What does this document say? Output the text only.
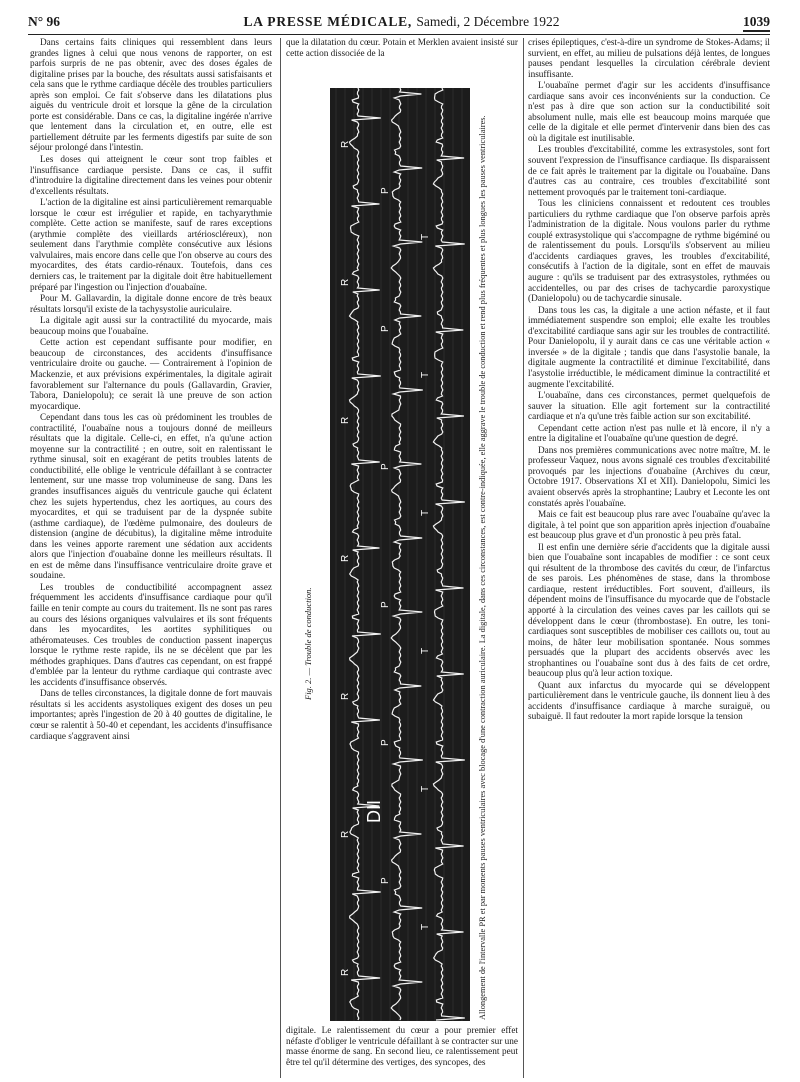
N° 96	LA PRESSE MÉDICALE, Samedi, 2 Décembre 1922	1039

Dans certains faits cliniques qui ressemblent dans leurs grandes lignes à celui que nous venons de rapporter, on est parfois surpris de ne pas obtenir, avec des doses égales de digitaline prises par la bouche, des résultats aussi satisfaisants et cela sans que le rythme cardiaque décèle des troubles particuliers après son emploi. Ce fait s'observe dans les dilatations plus aiguës du ventricule droit et lorsque la gêne de la circulation porte est considérable. Dans ce cas, la digitaline ingérée n'arrive que lentement dans la circulation et, en outre, elle est partiellement détruite par les ferments digestifs par suite de son séjour prolongé dans l'intestin.

Les doses qui atteignent le cœur sont trop faibles et l'insuffisance cardiaque persiste. Dans ce cas, il suffit d'introduire la digitaline directement dans les veines pour obtenir d'excellents résultats.

L'action de la digitaline est ainsi particulièrement remarquable lorsque le cœur est irrégulier et rapide, en tachyarythmie complète. Cette action se manifeste, sauf de rares exceptions (arythmie complète des vieillards artérioscléreux), non seulement dans l'arythmie complète consécutive aux lésions valvulaires, mais encore dans celle que l'on observe au cours des myocardites, des états cardio-rénaux. Toutefois, dans ces derniers cas, le traitement par la digitale doit être habituellement préparé par l'ingestion ou l'injection d'ouabaïne.

Pour M. Gallavardin, la digitale donne encore de très beaux résultats lorsqu'il existe de la tachysystolie auriculaire.

La digitale agit aussi sur la contractilité du myocarde, mais beaucoup moins que l'ouabaïne.

Cette action est cependant suffisante pour modifier, en beaucoup de circonstances, des accidents d'insuffisance ventriculaire droite ou gauche. — Contrairement à l'opinion de Mackenzie, et aux prévisions expérimentales, la digitale agirait favorablement sur l'alternance du pouls (Gallavardin, Gravier, Tabora, Danielopolu); ce serait là une preuve de son action myocardique.

Cependant dans tous les cas où prédominent les troubles de contractilité, l'ouabaïne nous a toujours donné de meilleurs résultats que la digitale. Celle-ci, en effet, n'a qu'une action moyenne sur la contractilité ; en outre, soit en ralentissant le rythme sinusal, soit en exagérant de petits troubles latents de conductibilité, elle oblige le ventricule défaillant à se contracter lentement, sur une masse trop volumineuse de sang. Dans les grandes insuffisances aiguës du ventricule gauche qui éclatent chez les sujets hypertendus, chez les aortiques, au cours des myocardites, et qui se traduisent par de la dyspnée subite (asthme cardiaque), de l'œdème pulmonaire, des douleurs de distension (angine de décubitus), la digitaline même introduite dans les veines apporte rarement une sédation aux accidents alors que l'injection d'ouabaïne donne les meilleurs résultats. Il en est de même dans l'insuffisance ventriculaire droite grave et soudaine.

Les troubles de conductibilité accompagnent assez fréquemment les accidents d'insuffisance cardiaque pour qu'il faille en tenir compte au cours du traitement. Ils ne sont pas rares au cours des lésions organiques valvulaires et ils sont fréquents dans les myocardites, les aortites syphilitiques ou athéromateuses. Ces troubles de conduction passent inaperçus lorsque le rythme reste rapide, ils ne se décèlent que par les méthodes graphiques. Dans d'autres cas cependant, on est frappé d'emblée par la lenteur du rythme cardiaque qui contraste avec les accidents d'insuffisance observés.

Dans de telles circonstances, la digitale donne de fort mauvais résultats si les accidents asystoliques exigent des doses un peu importantes; après l'ingestion de 20 à 40 gouttes de digitaline, le cœur se ralentit à 50-40 et cependant, les accidents d'insuffisance cardiaque s'aggravent ainsi

que la dilatation du cœur. Potain et Merklen avaient insisté sur cette action dissociée de la

R
P
T
R
P
T
R
P
T
R
P
T
R
P
T
R
P
T
R
DII
Fig. 2. — Trouble de conduction.	Allongement de l'intervalle PR et par moments pauses ventriculaires avec blocage d'une contraction auriculaire. La digitale, dans ces circonstances, est contre-indiquée, elle aggrave le trouble de conduction et rend plus fréquentes et plus longues les pauses ventriculaires.

digitale. Le ralentissement du cœur a pour premier effet néfaste d'obliger le ventricule défaillant à se contracter sur une masse énorme de sang. En second lieu, ce ralentissement peut être tel qu'il détermine des vertiges, des syncopes, des

crises épileptiques, c'est-à-dire un syndrome de Stokes-Adams; il survient, en effet, au milieu de pulsations déjà lentes, de longues pauses pendant lesquelles la circulation cérébrale devient insuffisante.

L'ouabaïne permet d'agir sur les accidents d'insuffisance cardiaque sans avoir ces inconvénients sur la conduction. Ce n'est pas à dire que son action sur la conductibilité soit absolument nulle, mais elle est beaucoup moins marquée que celle de la digitale et elle permet d'intervenir dans bien des cas où la digitale est inutilisable.

Les troubles d'excitabilité, comme les extrasystoles, sont fort souvent l'expression de l'insuffisance cardiaque. Ils disparaissent de ce fait après le traitement par la digitale ou l'ouabaïne. Dans d'autres cas au contraire, ces troubles d'excitabilité sont nettement provoqués par le traitement toni-cardiaque.

Tous les cliniciens connaissent et redoutent ces troubles particuliers du rythme cardiaque que l'on observe parfois après l'administration de la digitale. Nous voulons parler du rythme couplé extrasystolique qui s'accompagne de rythme bigéminé ou de ralentissement du pouls. Lorsqu'ils s'observent au milieu d'accidents cardiaques graves, les troubles d'excitabilité, consécutifs à l'action de la digitale, sont en effet de mauvais augure : qu'ils se traduisent par des extrasystoles, rythmées ou accidentelles, ou par des crises de tachycardie paroxystique (Danielopolu) ou de tachycardie sinusale.

Dans tous les cas, la digitale a une action néfaste, et il faut immédiatement suspendre son emploi; elle exalte les troubles d'excitabilité cardiaque sans agir sur les troubles de contractilité. Pour Danielopolu, il y aurait dans ce cas une véritable action « inversée » de la digitale ; tandis que dans l'asystolie banale, la digitale augmente la contractilité et diminue l'excitabilité, dans l'asystolie irréductible, le médicament diminue la contractilité et augmente l'excitabilité.

L'ouabaïne, dans ces circonstances, permet quelquefois de sauver la situation. Elle agit fortement sur la contractilité cardiaque et n'a qu'une très faible action sur son excitabilité.

Cependant cette action n'est pas nulle et là encore, il n'y a entre la digitaline et l'ouabaïne qu'une question de degré.

Dans nos premières communications avec notre maître, M. le professeur Vaquez, nous avons signalé ces troubles d'excitabilité provoqués par les injections d'ouabaïne (Archives du cœur, Octobre 1917. Observations XI et XII). Danielopolu, Simici les avaient observés après la strophantine; Laubry et Leconte les ont constatés après l'ouabaïne.

Mais ce fait est beaucoup plus rare avec l'ouabaïne qu'avec la digitale, à tel point que son apparition après injection d'ouabaïne est beaucoup plus grave et d'un pronostic à peu près fatal.

Il est enfin une dernière série d'accidents que la digitale aussi bien que l'ouabaïne sont incapables de modifier : ce sont ceux qui résultent de la thrombose des cavités du cœur, de l'infarctus de ses parois. Les phénomènes de stase, dans la thrombose cardiaque, restent irréductibles. Fort souvent, d'ailleurs, ils dépendent moins de l'insuffisance du myocarde que de l'obstacle apporté à la circulation des veines caves par les caillots qui se développent dans le cœur (thrombostase). En outre, les toni-cardiaques sont susceptibles de mobiliser ces caillots ou, tout au moins, de hâter leur mobilisation spontanée. Nous sommes persuadés que la plupart des accidents observés avec les strophantines ou l'ouabaïne sont dus à des faits de cet ordre, beaucoup plus qu'à leur action toxique.

Quant aux infarctus du myocarde qui se développent particulièrement dans le ventricule gauche, ils donnent lieu à des accidents d'insuffisance cardiaque à marche suraiguë, ou subaiguë. Il faut redouter la mort rapide lorsque la tension
